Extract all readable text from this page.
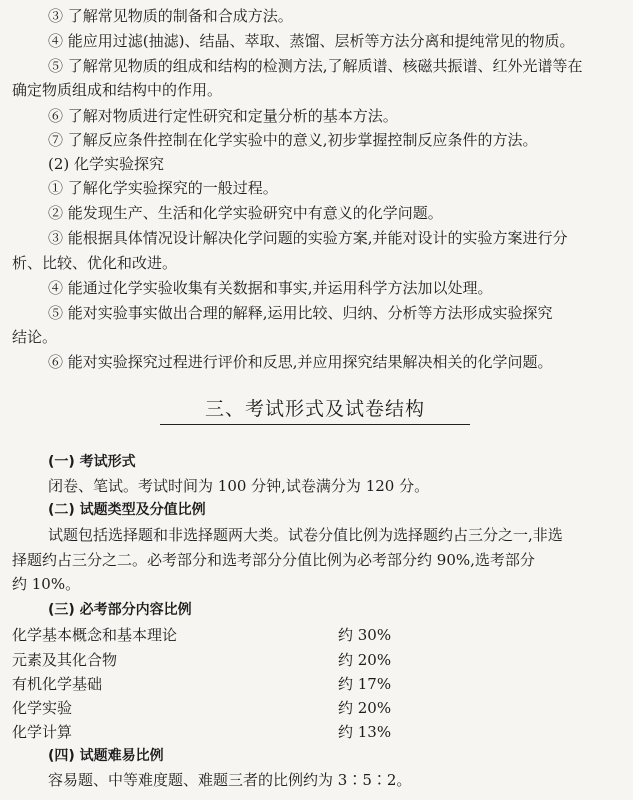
③ 了解常见物质的制备和合成方法。
④ 能应用过滤(抽滤)、结晶、萃取、蒸馏、层析等方法分离和提纯常见的物质。
⑤ 了解常见物质的组成和结构的检测方法,了解质谱、核磁共振谱、红外光谱等在
确定物质组成和结构中的作用。
⑥ 了解对物质进行定性研究和定量分析的基本方法。
⑦ 了解反应条件控制在化学实验中的意义,初步掌握控制反应条件的方法。
(2) 化学实验探究
① 了解化学实验探究的一般过程。
② 能发现生产、生活和化学实验研究中有意义的化学问题。
③ 能根据具体情况设计解决化学问题的实验方案,并能对设计的实验方案进行分
析、比较、优化和改进。
④ 能通过化学实验收集有关数据和事实,并运用科学方法加以处理。
⑤ 能对实验事实做出合理的解释,运用比较、归纳、分析等方法形成实验探究
结论。
⑥ 能对实验探究过程进行评价和反思,并应用探究结果解决相关的化学问题。
三、考试形式及试卷结构
(一) 考试形式
闭卷、笔试。考试时间为 100 分钟,试卷满分为 120 分。
(二) 试题类型及分值比例
试题包括选择题和非选择题两大类。试卷分值比例为选择题约占三分之一,非选
择题约占三分之二。必考部分和选考部分分值比例为必考部分约 90%,选考部分
约 10%。
(三) 必考部分内容比例
化学基本概念和基本理论	约 30%
元素及其化合物	约 20%
有机化学基础	约 17%
化学实验	约 20%
化学计算	约 13%
(四) 试题难易比例
容易题、中等难度题、难题三者的比例约为 3∶5∶2。
